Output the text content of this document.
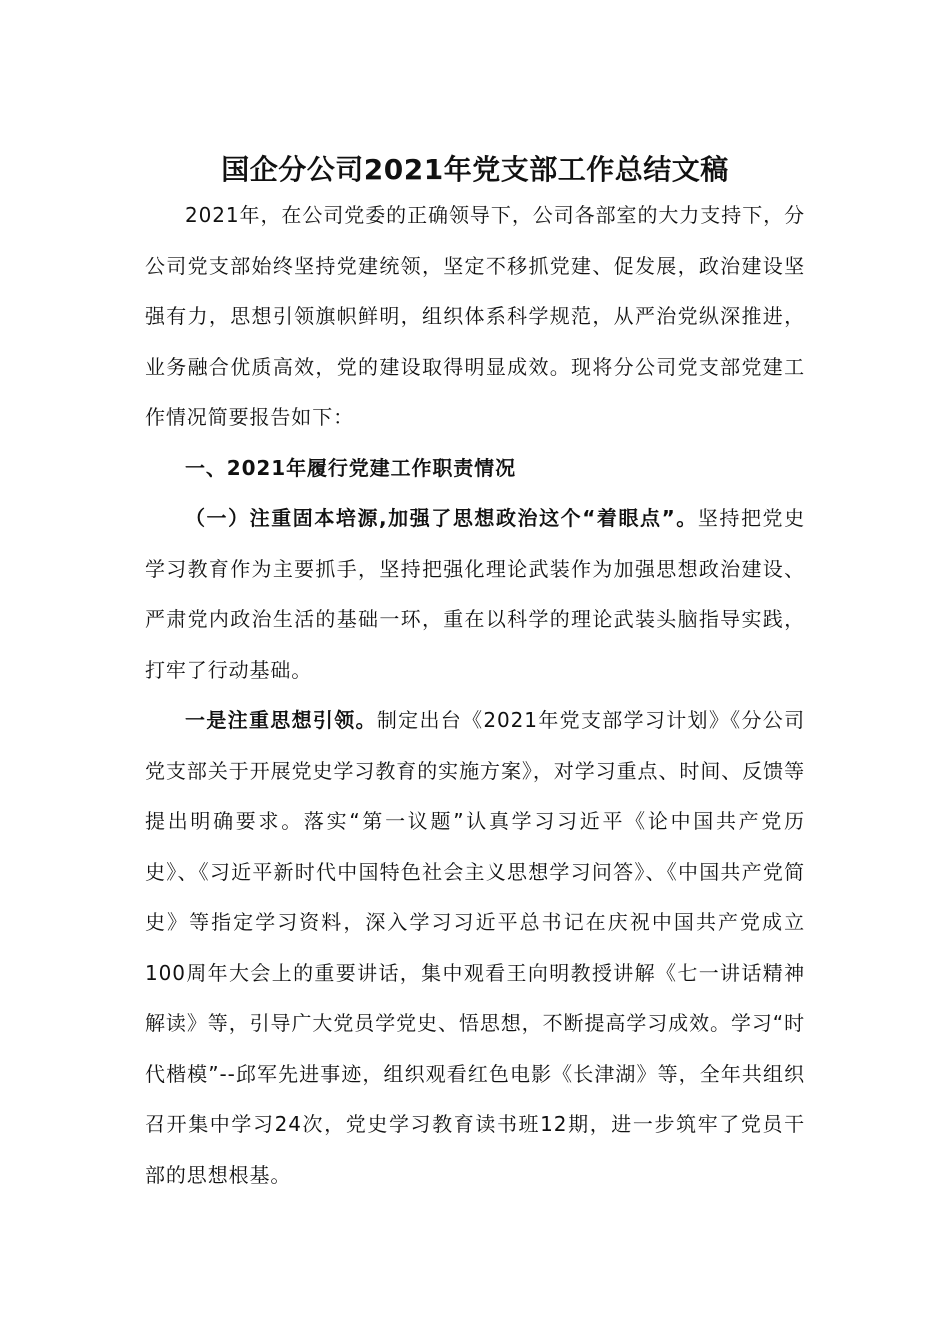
国企分公司2021年党支部工作总结文稿

2021年，在公司党委的正确领导下，公司各部室的大力支持下，分公司党支部始终坚持党建统领，坚定不移抓党建、促发展，政治建设坚强有力，思想引领旗帜鲜明，组织体系科学规范，从严治党纵深推进，业务融合优质高效，党的建设取得明显成效。现将分公司党支部党建工作情况简要报告如下：

一、2021年履行党建工作职责情况

（一）注重固本培源,加强了思想政治这个“着眼点”。坚持把党史学习教育作为主要抓手，坚持把强化理论武装作为加强思想政治建设、严肃党内政治生活的基础一环，重在以科学的理论武装头脑指导实践，打牢了行动基础。

一是注重思想引领。制定出台《2021年党支部学习计划》《分公司党支部关于开展党史学习教育的实施方案》，对学习重点、时间、反馈等提出明确要求。落实“第一议题”认真学习习近平《论中国共产党历史》、《习近平新时代中国特色社会主义思想学习问答》、《中国共产党简史》等指定学习资料，深入学习习近平总书记在庆祝中国共产党成立100周年大会上的重要讲话，集中观看王向明教授讲解《七一讲话精神解读》等，引导广大党员学党史、悟思想，不断提高学习成效。学习“时代楷模”--邱军先进事迹，组织观看红色电影《长津湖》等，全年共组织召开集中学习24次，党史学习教育读书班12期，进一步筑牢了党员干部的思想根基。
